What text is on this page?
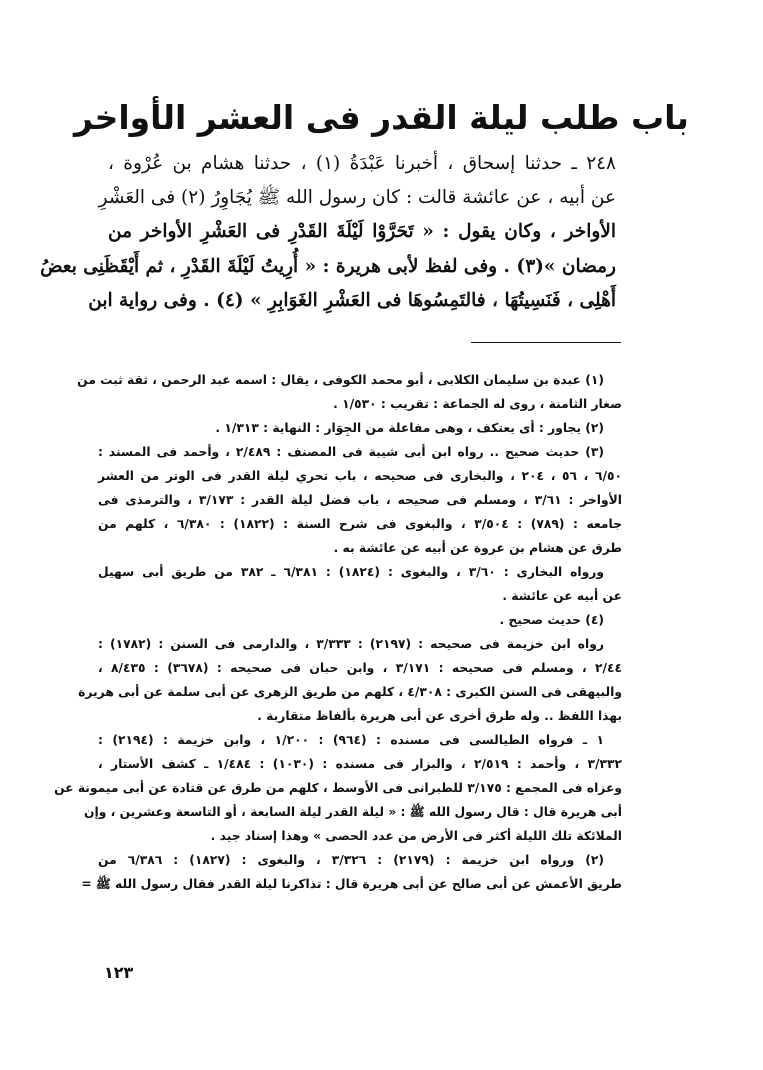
باب طلب ليلة القدر فى العشر الأواخر
٢٤٨ ـ حدثنا إسحاق ، أخبرنا عَبْدَةُ (١) ، حدثنا هشام بن عُرْوة ،
عن أبيه ، عن عائشة قالت : كان رسول الله ﷺ يُجَاوِرُ (٢) فى العَشْرِ
الأواخر ، وكان يقول : « تَحَرَّوْا لَيْلَةَ القَدْرِ فى العَشْرِ الأواخر من
رمضان »(٣) . وفى لفظ لأبى هريرة : « أُرِيتُ لَيْلَةَ القَدْرِ ، ثم أَيْقَظَنِى بعضُ
أَهْلِى ، فَنَسِيتُهَا ، فالتَمِسُوهَا فى العَشْرِ الغَوَابِرِ » (٤) . وفى رواية ابن
(١) عبدة بن سليمان الكلابى ، أبو محمد الكوفى ، يقال : اسمه عبد الرحمن ، ثقة ثبت من
صغار الثامنة ، روى له الجماعة : تقريب : ١/٥٣٠ .
(٢) يجاور : أى يعتكف ، وهى مفاعلة من الجِوَار : النهاية : ١/٣١٣ .
(٣) حديث صحيح .. رواه ابن أبى شيبة فى المصنف : ٢/٤٨٩ ، وأحمد فى المسند :
٦/٥٠ ، ٥٦ ، ٢٠٤ ، والبخارى فى صحيحه ، باب تحري ليلة القدر فى الوتر من العشر
الأواخر : ٣/٦١ ، ومسلم فى صحيحه ، باب فضل ليلة القدر : ٣/١٧٣ ، والترمذى فى
جامعه : (٧٨٩) : ٣/٥٠٤ ، والبغوى فى شرح السنة : (١٨٢٢) : ٦/٣٨٠ ، كلهم من
طرق عن هشام بن عروة عن أبيه عن عائشة به .
ورواه البخارى : ٣/٦٠ ، والبغوى : (١٨٢٤) : ٦/٣٨١ ـ ٣٨٢ من طريق أبى سهيل
عن أبيه عن عائشة .
(٤) حديث صحيح .
رواه ابن خزيمة فى صحيحه : (٢١٩٧) : ٣/٣٣٣ ، والدارمى فى السنن : (١٧٨٢) :
٢/٤٤ ، ومسلم فى صحيحه : ٣/١٧١ ، وابن حبان فى صحيحه : (٣٦٧٨) : ٨/٤٣٥ ،
والبيهقى فى السنن الكبرى : ٤/٣٠٨ ، كلهم من طريق الزهرى عن أبى سلمة عن أبى هريرة
بهذا اللفظ .. وله طرق أخرى عن أبى هريرة بألفاظ متقاربة .
١ ـ فرواه الطيالسى فى مسنده : (٩٦٤) : ١/٢٠٠ ، وابن خزيمة : (٢١٩٤) :
٣/٣٣٢ ، وأحمد : ٢/٥١٩ ، والبزار فى مسنده : (١٠٣٠) : ١/٤٨٤ ـ كشف الأستار ،
وعزاه فى المجمع : ٣/١٧٥ للطبرانى فى الأوسط ، كلهم من طرق عن قتادة عن أبى ميمونة عن
أبى هريرة قال : قال رسول الله ﷺ : « ليلة القدر ليلة السابعة ، أو التاسعة وعشرين ، وإن
الملائكة تلك الليلة أكثر فى الأرض من عدد الحصى » وهذا إسناد جيد .
(٢) ورواه ابن خزيمة : (٢١٧٩) : ٣/٣٢٦ ، والبغوى : (١٨٢٧) : ٦/٣٨٦ من
طريق الأعمش عن أبى صالح عن أبى هريرة قال : تذاكرنا ليلة القدر فقال رسول الله ﷺ =
١٢٣
